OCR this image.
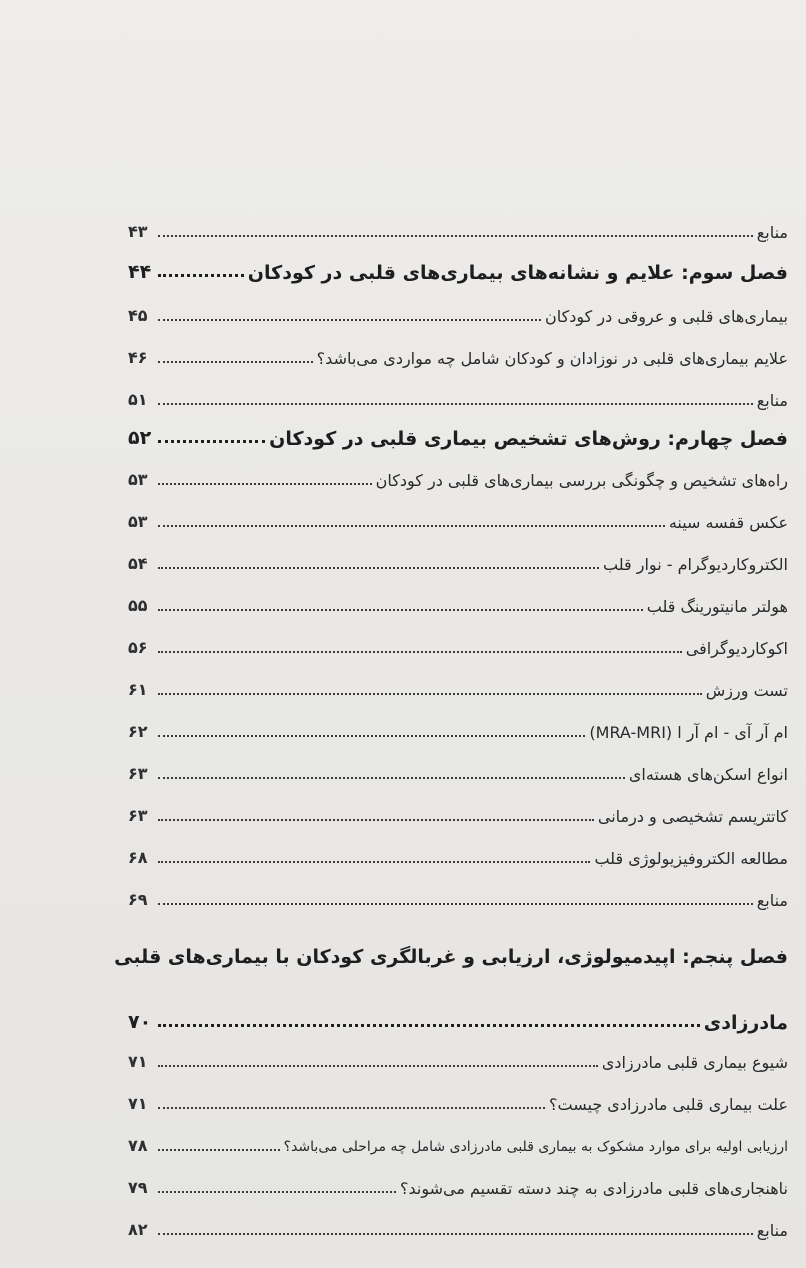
۴۳	منابع
۴۴	فصل سوم: علایم و نشانه‌های بیماری‌های قلبی در کودکان
۴۵	بیماری‌های قلبی و عروقی در کودکان
۴۶	علایم بیماری‌های قلبی در نوزادان و کودکان شامل چه مواردی می‌باشد؟
۵۱	منابع
۵۲	فصل چهارم: روش‌های تشخیص بیماری قلبی در کودکان
۵۳	راه‌های تشخیص و چگونگی بررسی بیماری‌های قلبی در کودکان
۵۳	عکس قفسه سینه
۵۴	الکتروکاردیوگرام - نوار قلب
۵۵	هولتر مانیتورینگ قلب
۵۶	اکوکاردیوگرافی
۶۱	تست ورزش
۶۲	ام آر آی - ام آر ا (MRA-MRI)
۶۳	انواع اسکن‌های هسته‌ای
۶۳	کاتتریسم تشخیصی و درمانی
۶۸	مطالعه الکتروفیزیولوژی قلب
۶۹	منابع
فصل پنجم: اپیدمیولوژی، ارزیابی و غربالگری کودکان با بیماری‌های قلبی
۷۰	مادرزادی
۷۱	شیوع بیماری قلبی مادرزادی
۷۱	علت بیماری قلبی مادرزادی چیست؟
۷۸	ارزیابی اولیه برای موارد مشکوک به بیماری قلبی مادرزادی شامل چه مراحلی می‌باشد؟
۷۹	ناهنجاری‌های قلبی مادرزادی به چند دسته تقسیم می‌شوند؟
۸۲	منابع
